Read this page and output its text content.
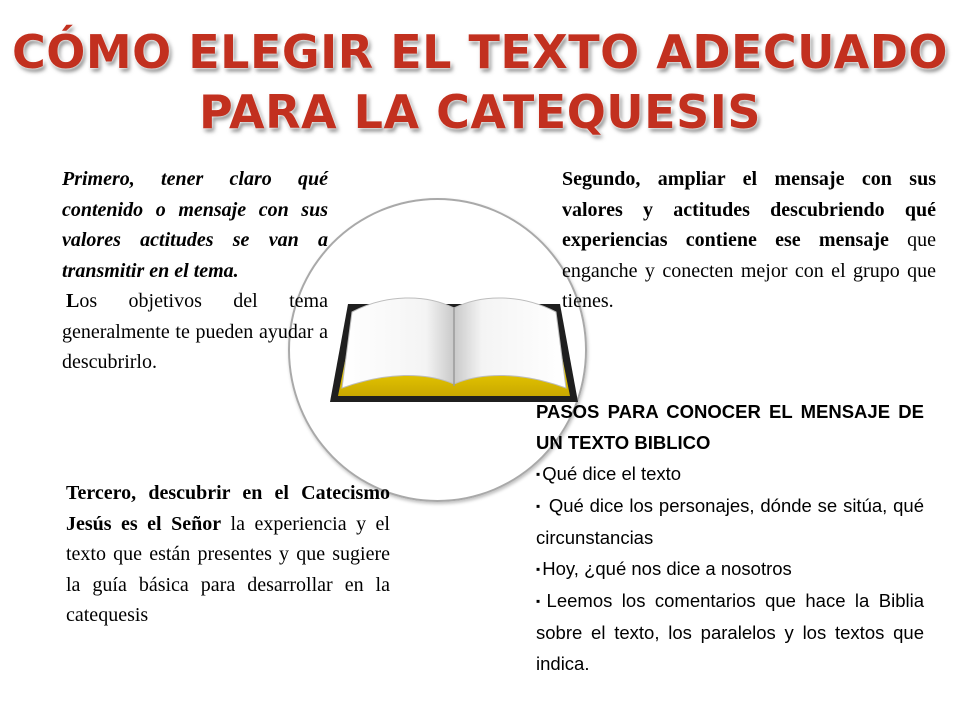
CÓMO ELEGIR EL TEXTO ADECUADO
PARA LA CATEQUESIS

Primero, tener claro qué contenido o mensaje con sus valores actitudes se van a transmitir en el tema.

Los objetivos del tema generalmente te pueden ayudar a descubrirlo.

Segundo, ampliar el mensaje con sus valores y actitudes descubriendo qué experiencias contiene ese mensaje que enganche y conecten mejor con el grupo que tienes.

Tercero, descubrir en el Catecismo Jesús es el Señor la experiencia y el texto que están presentes y que sugiere la guía básica para desarrollar en la catequesis

PASOS PARA CONOCER EL MENSAJE DE UN TEXTO BIBLICO

▪ Qué dice el texto
▪ Qué dice los personajes, dónde se sitúa, qué circunstancias
▪ Hoy, ¿qué nos dice a nosotros
▪ Leemos los comentarios que hace la Biblia sobre el texto, los paralelos y los textos que indica.
